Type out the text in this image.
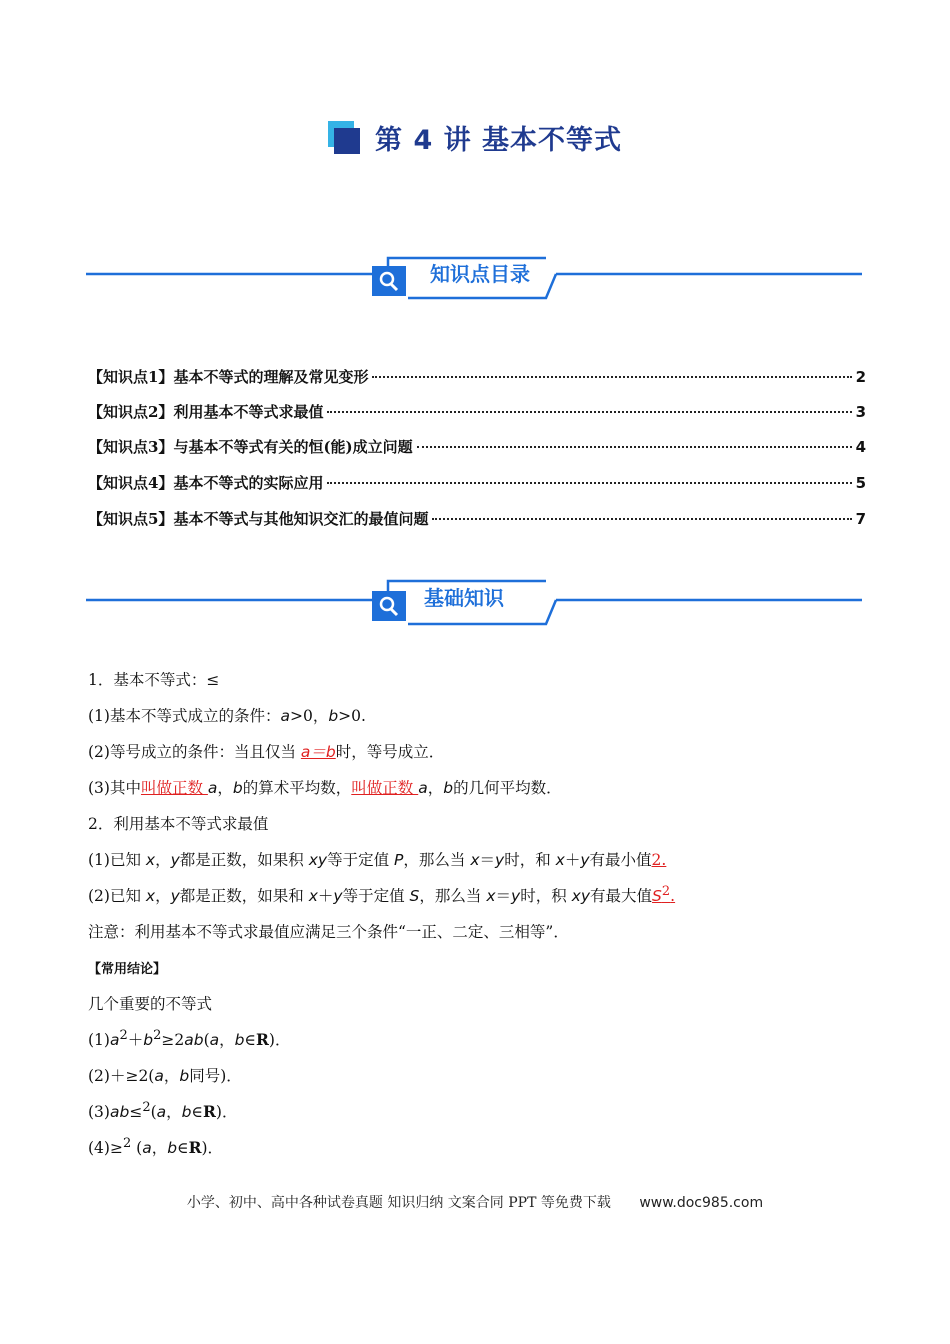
第 4 讲 基本不等式
知识点目录
【知识点1】基本不等式的理解及常见变形	2
【知识点2】利用基本不等式求最值	3
【知识点3】与基本不等式有关的恒(能)成立问题	4
【知识点4】基本不等式的实际应用	5
【知识点5】基本不等式与其他知识交汇的最值问题	7
基础知识
1．基本不等式：≤
(1)基本不等式成立的条件：a>0，b>0.
(2)等号成立的条件：当且仅当 a＝b时，等号成立．
(3)其中叫做正数 a，b的算术平均数，叫做正数 a，b的几何平均数．
2．利用基本不等式求最值
(1)已知 x，y都是正数，如果积 xy等于定值 P，那么当 x＝y时，和 x＋y有最小值2.
(2)已知 x，y都是正数，如果和 x＋y等于定值 S，那么当 x＝y时，积 xy有最大值$S^2$.
注意：利用基本不等式求最值应满足三个条件“一正、二定、三相等”．
【常用结论】
几个重要的不等式
$(1)a^2+b^2\ge 2ab(a$，b∈R)．
(2)＋≥2(a，b同号)．
(3)ab≤$^2$(a，b∈R)．
(4)≥$^2$ (a，b∈R)．
小学、初中、高中各种试卷真题 知识归纳 文案合同 PPT 等免费下载 www.doc985.com
